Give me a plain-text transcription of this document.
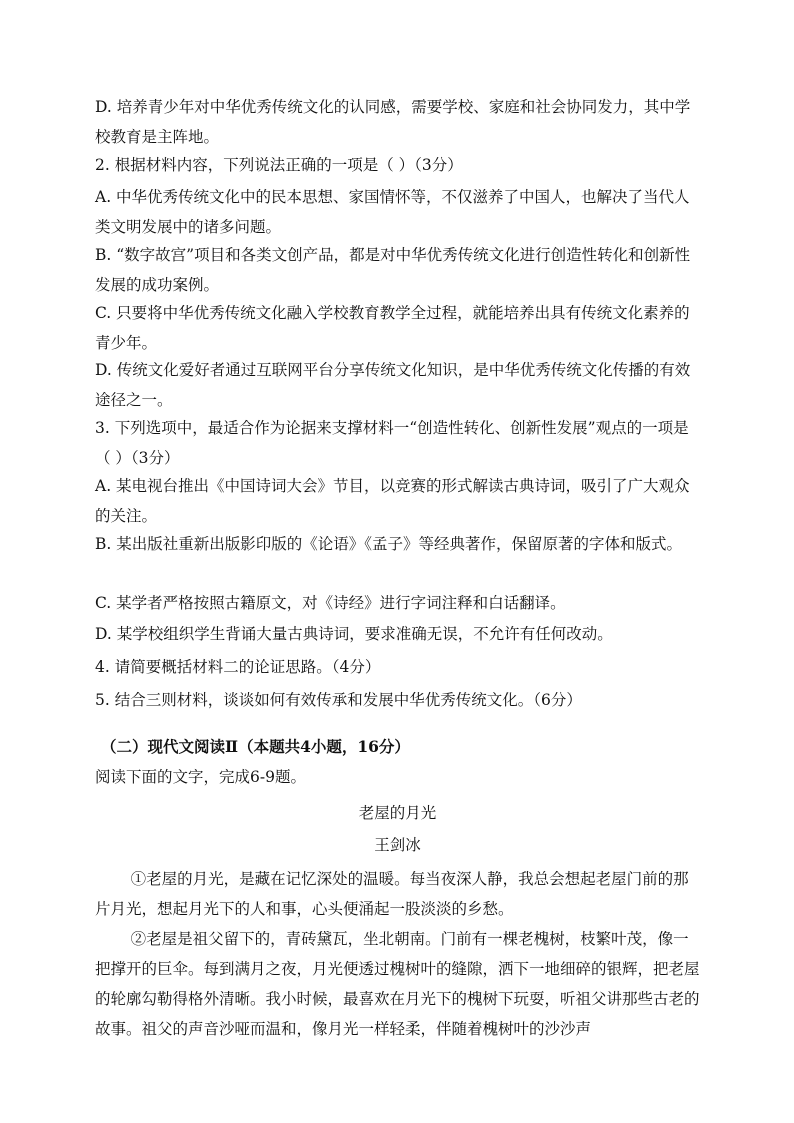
D. 培养青少年对中华优秀传统文化的认同感，需要学校、家庭和社会协同发力，其中学校教育是主阵地。

2. 根据材料内容，下列说法正确的一项是（ ）（3分）

A. 中华优秀传统文化中的民本思想、家国情怀等，不仅滋养了中国人，也解决了当代人类文明发展中的诸多问题。

B. “数字故宫”项目和各类文创产品，都是对中华优秀传统文化进行创造性转化和创新性发展的成功案例。

C. 只要将中华优秀传统文化融入学校教育教学全过程，就能培养出具有传统文化素养的青少年。

D. 传统文化爱好者通过互联网平台分享传统文化知识，是中华优秀传统文化传播的有效途径之一。

3. 下列选项中，最适合作为论据来支撑材料一“创造性转化、创新性发展”观点的一项是（ ）（3分）

A. 某电视台推出《中国诗词大会》节目，以竞赛的形式解读古典诗词，吸引了广大观众的关注。

B. 某出版社重新出版影印版的《论语》《孟子》等经典著作，保留原著的字体和版式。

C. 某学者严格按照古籍原文，对《诗经》进行字词注释和白话翻译。

D. 某学校组织学生背诵大量古典诗词，要求准确无误，不允许有任何改动。

4. 请简要概括材料二的论证思路。（4分）

5. 结合三则材料，谈谈如何有效传承和发展中华优秀传统文化。（6分）

（二）现代文阅读Ⅱ（本题共4小题，16分）

阅读下面的文字，完成6-9题。

老屋的月光
王剑冰

①老屋的月光，是藏在记忆深处的温暖。每当夜深人静，我总会想起老屋门前的那片月光，想起月光下的人和事，心头便涌起一股淡淡的乡愁。

②老屋是祖父留下的，青砖黛瓦，坐北朝南。门前有一棵老槐树，枝繁叶茂，像一把撑开的巨伞。每到满月之夜，月光便透过槐树叶的缝隙，洒下一地细碎的银辉，把老屋的轮廓勾勒得格外清晰。我小时候，最喜欢在月光下的槐树下玩耍，听祖父讲那些古老的故事。祖父的声音沙哑而温和，像月光一样轻柔，伴随着槐树叶的沙沙声
